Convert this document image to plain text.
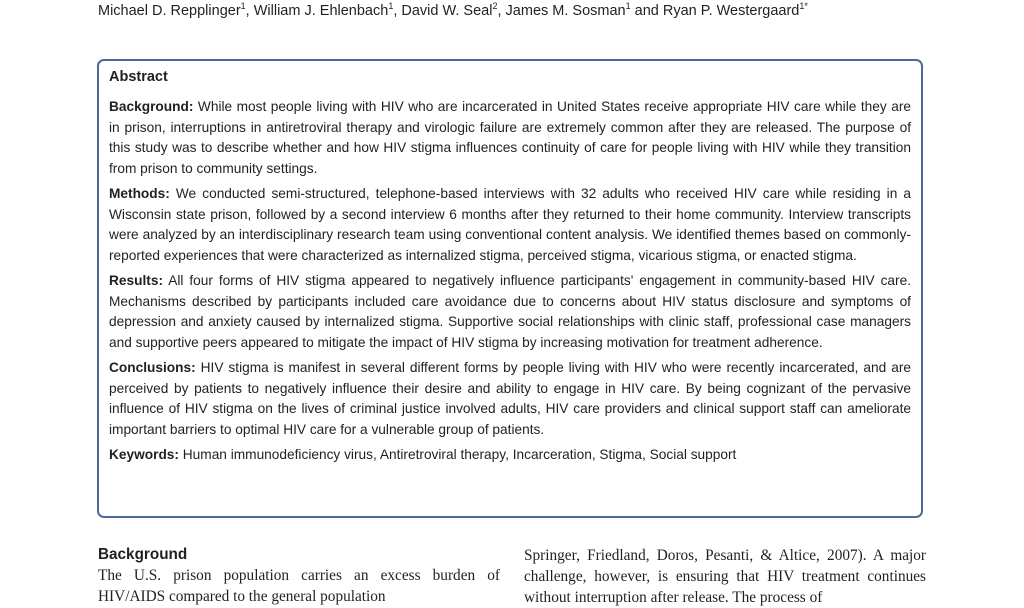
Michael D. Repplinger$^1$, William J. Ehlenbach$^1$, David W. Seal$^2$, James M. Sosman$^1$ and Ryan P. Westergaard$^{1*}$
Abstract

Background: While most people living with HIV who are incarcerated in United States receive appropriate HIV care while they are in prison, interruptions in antiretroviral therapy and virologic failure are extremely common after they are released. The purpose of this study was to describe whether and how HIV stigma influences continuity of care for people living with HIV while they transition from prison to community settings.

Methods: We conducted semi-structured, telephone-based interviews with 32 adults who received HIV care while residing in a Wisconsin state prison, followed by a second interview 6 months after they returned to their home community. Interview transcripts were analyzed by an interdisciplinary research team using conventional content analysis. We identified themes based on commonly-reported experiences that were characterized as internalized stigma, perceived stigma, vicarious stigma, or enacted stigma.

Results: All four forms of HIV stigma appeared to negatively influence participants' engagement in community-based HIV care. Mechanisms described by participants included care avoidance due to concerns about HIV status disclosure and symptoms of depression and anxiety caused by internalized stigma. Supportive social relationships with clinic staff, professional case managers and supportive peers appeared to mitigate the impact of HIV stigma by increasing motivation for treatment adherence.

Conclusions: HIV stigma is manifest in several different forms by people living with HIV who were recently incarcerated, and are perceived by patients to negatively influence their desire and ability to engage in HIV care. By being cognizant of the pervasive influence of HIV stigma on the lives of criminal justice involved adults, HIV care providers and clinical support staff can ameliorate important barriers to optimal HIV care for a vulnerable group of patients.

Keywords: Human immunodeficiency virus, Antiretroviral therapy, Incarceration, Stigma, Social support

Background

The U.S. prison population carries an excess burden of HIV/AIDS compared to the general population

Springer, Friedland, Doros, Pesanti, & Altice, 2007). A major challenge, however, is ensuring that HIV treatment continues without interruption after release. The process of
